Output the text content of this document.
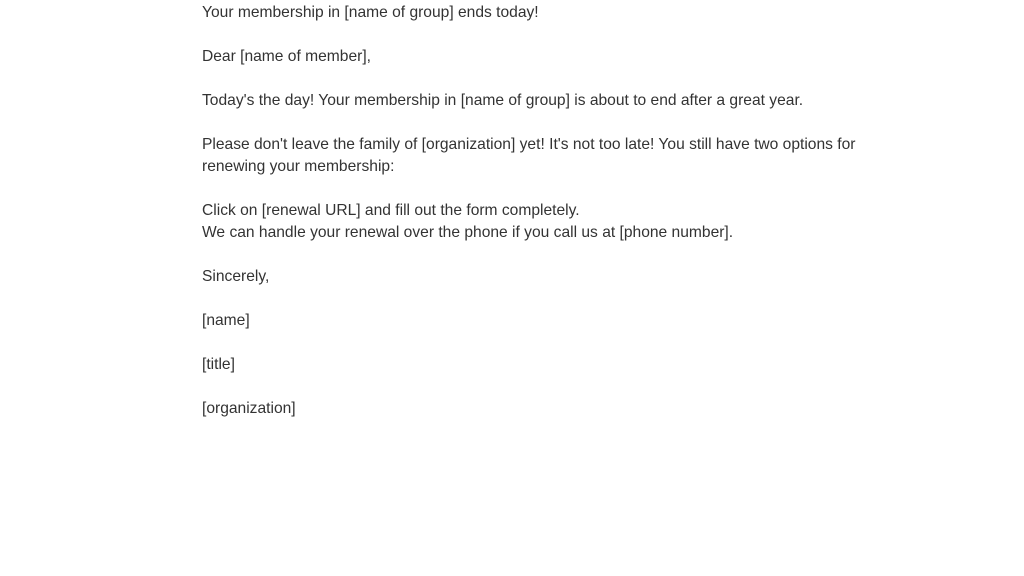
Your membership in [name of group] ends today!

Dear [name of member],

Today's the day! Your membership in [name of group] is about to end after a great year.

Please don't leave the family of [organization] yet! It's not too late! You still have two options for renewing your membership:

Click on [renewal URL] and fill out the form completely.
We can handle your renewal over the phone if you call us at [phone number].

Sincerely,

[name]

[title]

[organization]
